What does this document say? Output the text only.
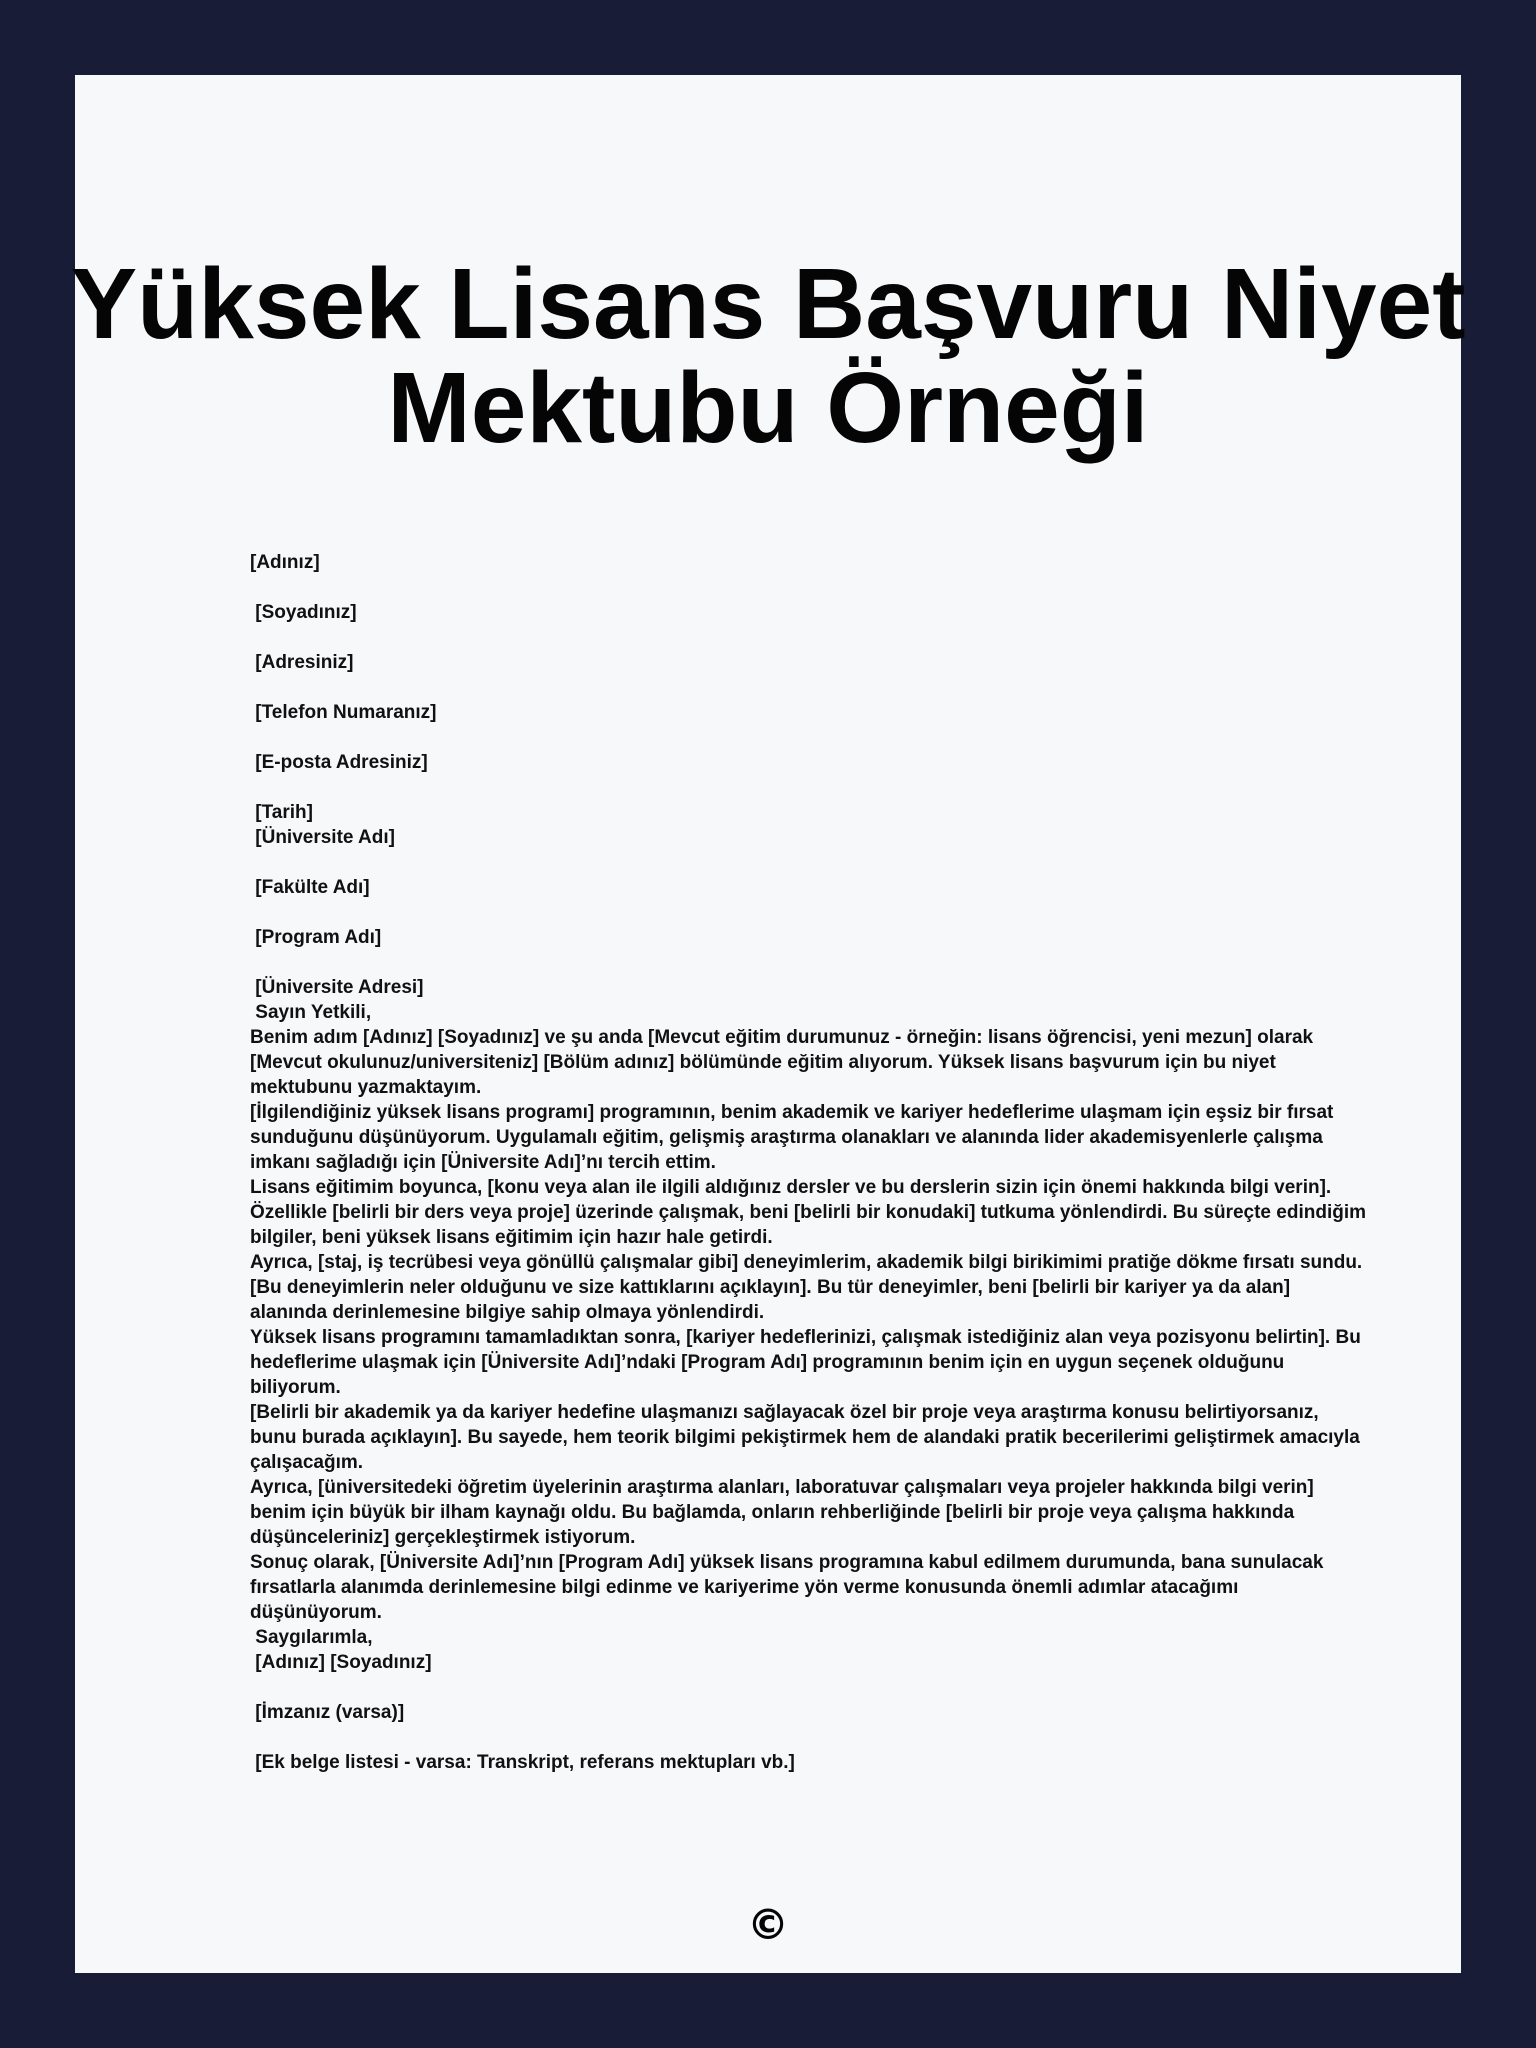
Yüksek Lisans Başvuru Niyet Mektubu Örneği
[Adınız]
[Soyadınız]
[Adresiniz]
[Telefon Numaranız]
[E-posta Adresiniz]
[Tarih]
[Üniversite Adı]
[Fakülte Adı]
[Program Adı]
[Üniversite Adresi]
Sayın Yetkili,
Benim adım [Adınız] [Soyadınız] ve şu anda [Mevcut eğitim durumunuz - örneğin: lisans öğrencisi, yeni mezun] olarak [Mevcut okulunuz/universiteniz] [Bölüm adınız] bölümünde eğitim alıyorum. Yüksek lisans başvurum için bu niyet mektubunu yazmaktayım.
[İlgilendiğiniz yüksek lisans programı] programının, benim akademik ve kariyer hedeflerime ulaşmam için eşsiz bir fırsat sunduğunu düşünüyorum. Uygulamalı eğitim, gelişmiş araştırma olanakları ve alanında lider akademisyenlerle çalışma imkanı sağladığı için [Üniversite Adı]’nı tercih ettim.
Lisans eğitimim boyunca, [konu veya alan ile ilgili aldığınız dersler ve bu derslerin sizin için önemi hakkında bilgi verin]. Özellikle [belirli bir ders veya proje] üzerinde çalışmak, beni [belirli bir konudaki] tutkuma yönlendirdi. Bu süreçte edindiğim bilgiler, beni yüksek lisans eğitimim için hazır hale getirdi.
Ayrıca, [staj, iş tecrübesi veya gönüllü çalışmalar gibi] deneyimlerim, akademik bilgi birikimimi pratiğe dökme fırsatı sundu. [Bu deneyimlerin neler olduğunu ve size kattıklarını açıklayın]. Bu tür deneyimler, beni [belirli bir kariyer ya da alan] alanında derinlemesine bilgiye sahip olmaya yönlendirdi.
Yüksek lisans programını tamamladıktan sonra, [kariyer hedeflerinizi, çalışmak istediğiniz alan veya pozisyonu belirtin]. Bu hedeflerime ulaşmak için [Üniversite Adı]’ndaki [Program Adı] programının benim için en uygun seçenek olduğunu biliyorum.
[Belirli bir akademik ya da kariyer hedefine ulaşmanızı sağlayacak özel bir proje veya araştırma konusu belirtiyorsanız, bunu burada açıklayın]. Bu sayede, hem teorik bilgimi pekiştirmek hem de alandaki pratik becerilerimi geliştirmek amacıyla çalışacağım.
Ayrıca, [üniversitedeki öğretim üyelerinin araştırma alanları, laboratuvar çalışmaları veya projeler hakkında bilgi verin] benim için büyük bir ilham kaynağı oldu. Bu bağlamda, onların rehberliğinde [belirli bir proje veya çalışma hakkında düşünceleriniz] gerçekleştirmek istiyorum.
Sonuç olarak, [Üniversite Adı]’nın [Program Adı] yüksek lisans programına kabul edilmem durumunda, bana sunulacak fırsatlarla alanımda derinlemesine bilgi edinme ve kariyerime yön verme konusunda önemli adımlar atacağımı düşünüyorum.
Saygılarımla,
[Adınız] [Soyadınız]
[İmzanız (varsa)]
[Ek belge listesi - varsa: Transkript, referans mektupları vb.]
©
